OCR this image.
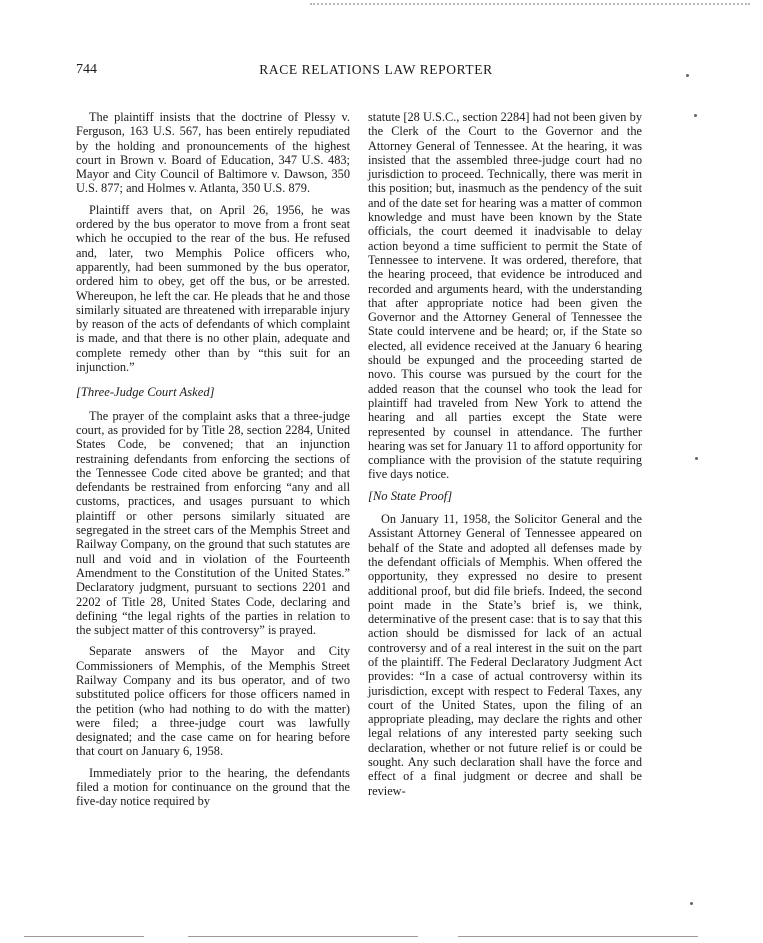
744	RACE RELATIONS LAW REPORTER

The plaintiff insists that the doctrine of Plessy v. Ferguson, 163 U.S. 567, has been entirely repudiated by the holding and pronouncements of the highest court in Brown v. Board of Education, 347 U.S. 483; Mayor and City Council of Baltimore v. Dawson, 350 U.S. 877; and Holmes v. Atlanta, 350 U.S. 879.

Plaintiff avers that, on April 26, 1956, he was ordered by the bus operator to move from a front seat which he occupied to the rear of the bus. He refused and, later, two Memphis Police officers who, apparently, had been summoned by the bus operator, ordered him to obey, get off the bus, or be arrested. Whereupon, he left the car. He pleads that he and those similarly situated are threatened with irreparable injury by reason of the acts of defendants of which complaint is made, and that there is no other plain, adequate and complete remedy other than by “this suit for an injunction.”

[Three-Judge Court Asked]

The prayer of the complaint asks that a three-judge court, as provided for by Title 28, section 2284, United States Code, be convened; that an injunction restraining defendants from enforcing the sections of the Tennessee Code cited above be granted; and that defendants be restrained from enforcing “any and all customs, practices, and usages pursuant to which plaintiff or other persons similarly situated are segregated in the street cars of the Memphis Street and Railway Company, on the ground that such statutes are null and void and in violation of the Fourteenth Amendment to the Constitution of the United States.” Declaratory judgment, pursuant to sections 2201 and 2202 of Title 28, United States Code, declaring and defining “the legal rights of the parties in relation to the subject matter of this controversy” is prayed.

Separate answers of the Mayor and City Commissioners of Memphis, of the Memphis Street Railway Company and its bus operator, and of two substituted police officers for those officers named in the petition (who had nothing to do with the matter) were filed; a three-judge court was lawfully designated; and the case came on for hearing before that court on January 6, 1958.

Immediately prior to the hearing, the defendants filed a motion for continuance on the ground that the five-day notice required by

statute [28 U.S.C., section 2284] had not been given by the Clerk of the Court to the Governor and the Attorney General of Tennessee. At the hearing, it was insisted that the assembled three-judge court had no jurisdiction to proceed. Technically, there was merit in this position; but, inasmuch as the pendency of the suit and of the date set for hearing was a matter of common knowledge and must have been known by the State officials, the court deemed it inadvisable to delay action beyond a time sufficient to permit the State of Tennessee to intervene. It was ordered, therefore, that the hearing proceed, that evidence be introduced and recorded and arguments heard, with the understanding that after appropriate notice had been given the Governor and the Attorney General of Tennessee the State could intervene and be heard; or, if the State so elected, all evidence received at the January 6 hearing should be expunged and the proceeding started de novo. This course was pursued by the court for the added reason that the counsel who took the lead for plaintiff had traveled from New York to attend the hearing and all parties except the State were represented by counsel in attendance. The further hearing was set for January 11 to afford opportunity for compliance with the provision of the statute requiring five days notice.

[No State Proof]

On January 11, 1958, the Solicitor General and the Assistant Attorney General of Tennessee appeared on behalf of the State and adopted all defenses made by the defendant officials of Memphis. When offered the opportunity, they expressed no desire to present additional proof, but did file briefs. Indeed, the second point made in the State’s brief is, we think, determinative of the present case: that is to say that this action should be dismissed for lack of an actual controversy and of a real interest in the suit on the part of the plaintiff. The Federal Declaratory Judgment Act provides: “In a case of actual controversy within its jurisdiction, except with respect to Federal Taxes, any court of the United States, upon the filing of an appropriate pleading, may declare the rights and other legal relations of any interested party seeking such declaration, whether or not future relief is or could be sought. Any such declaration shall have the force and effect of a final judgment or decree and shall be review-
